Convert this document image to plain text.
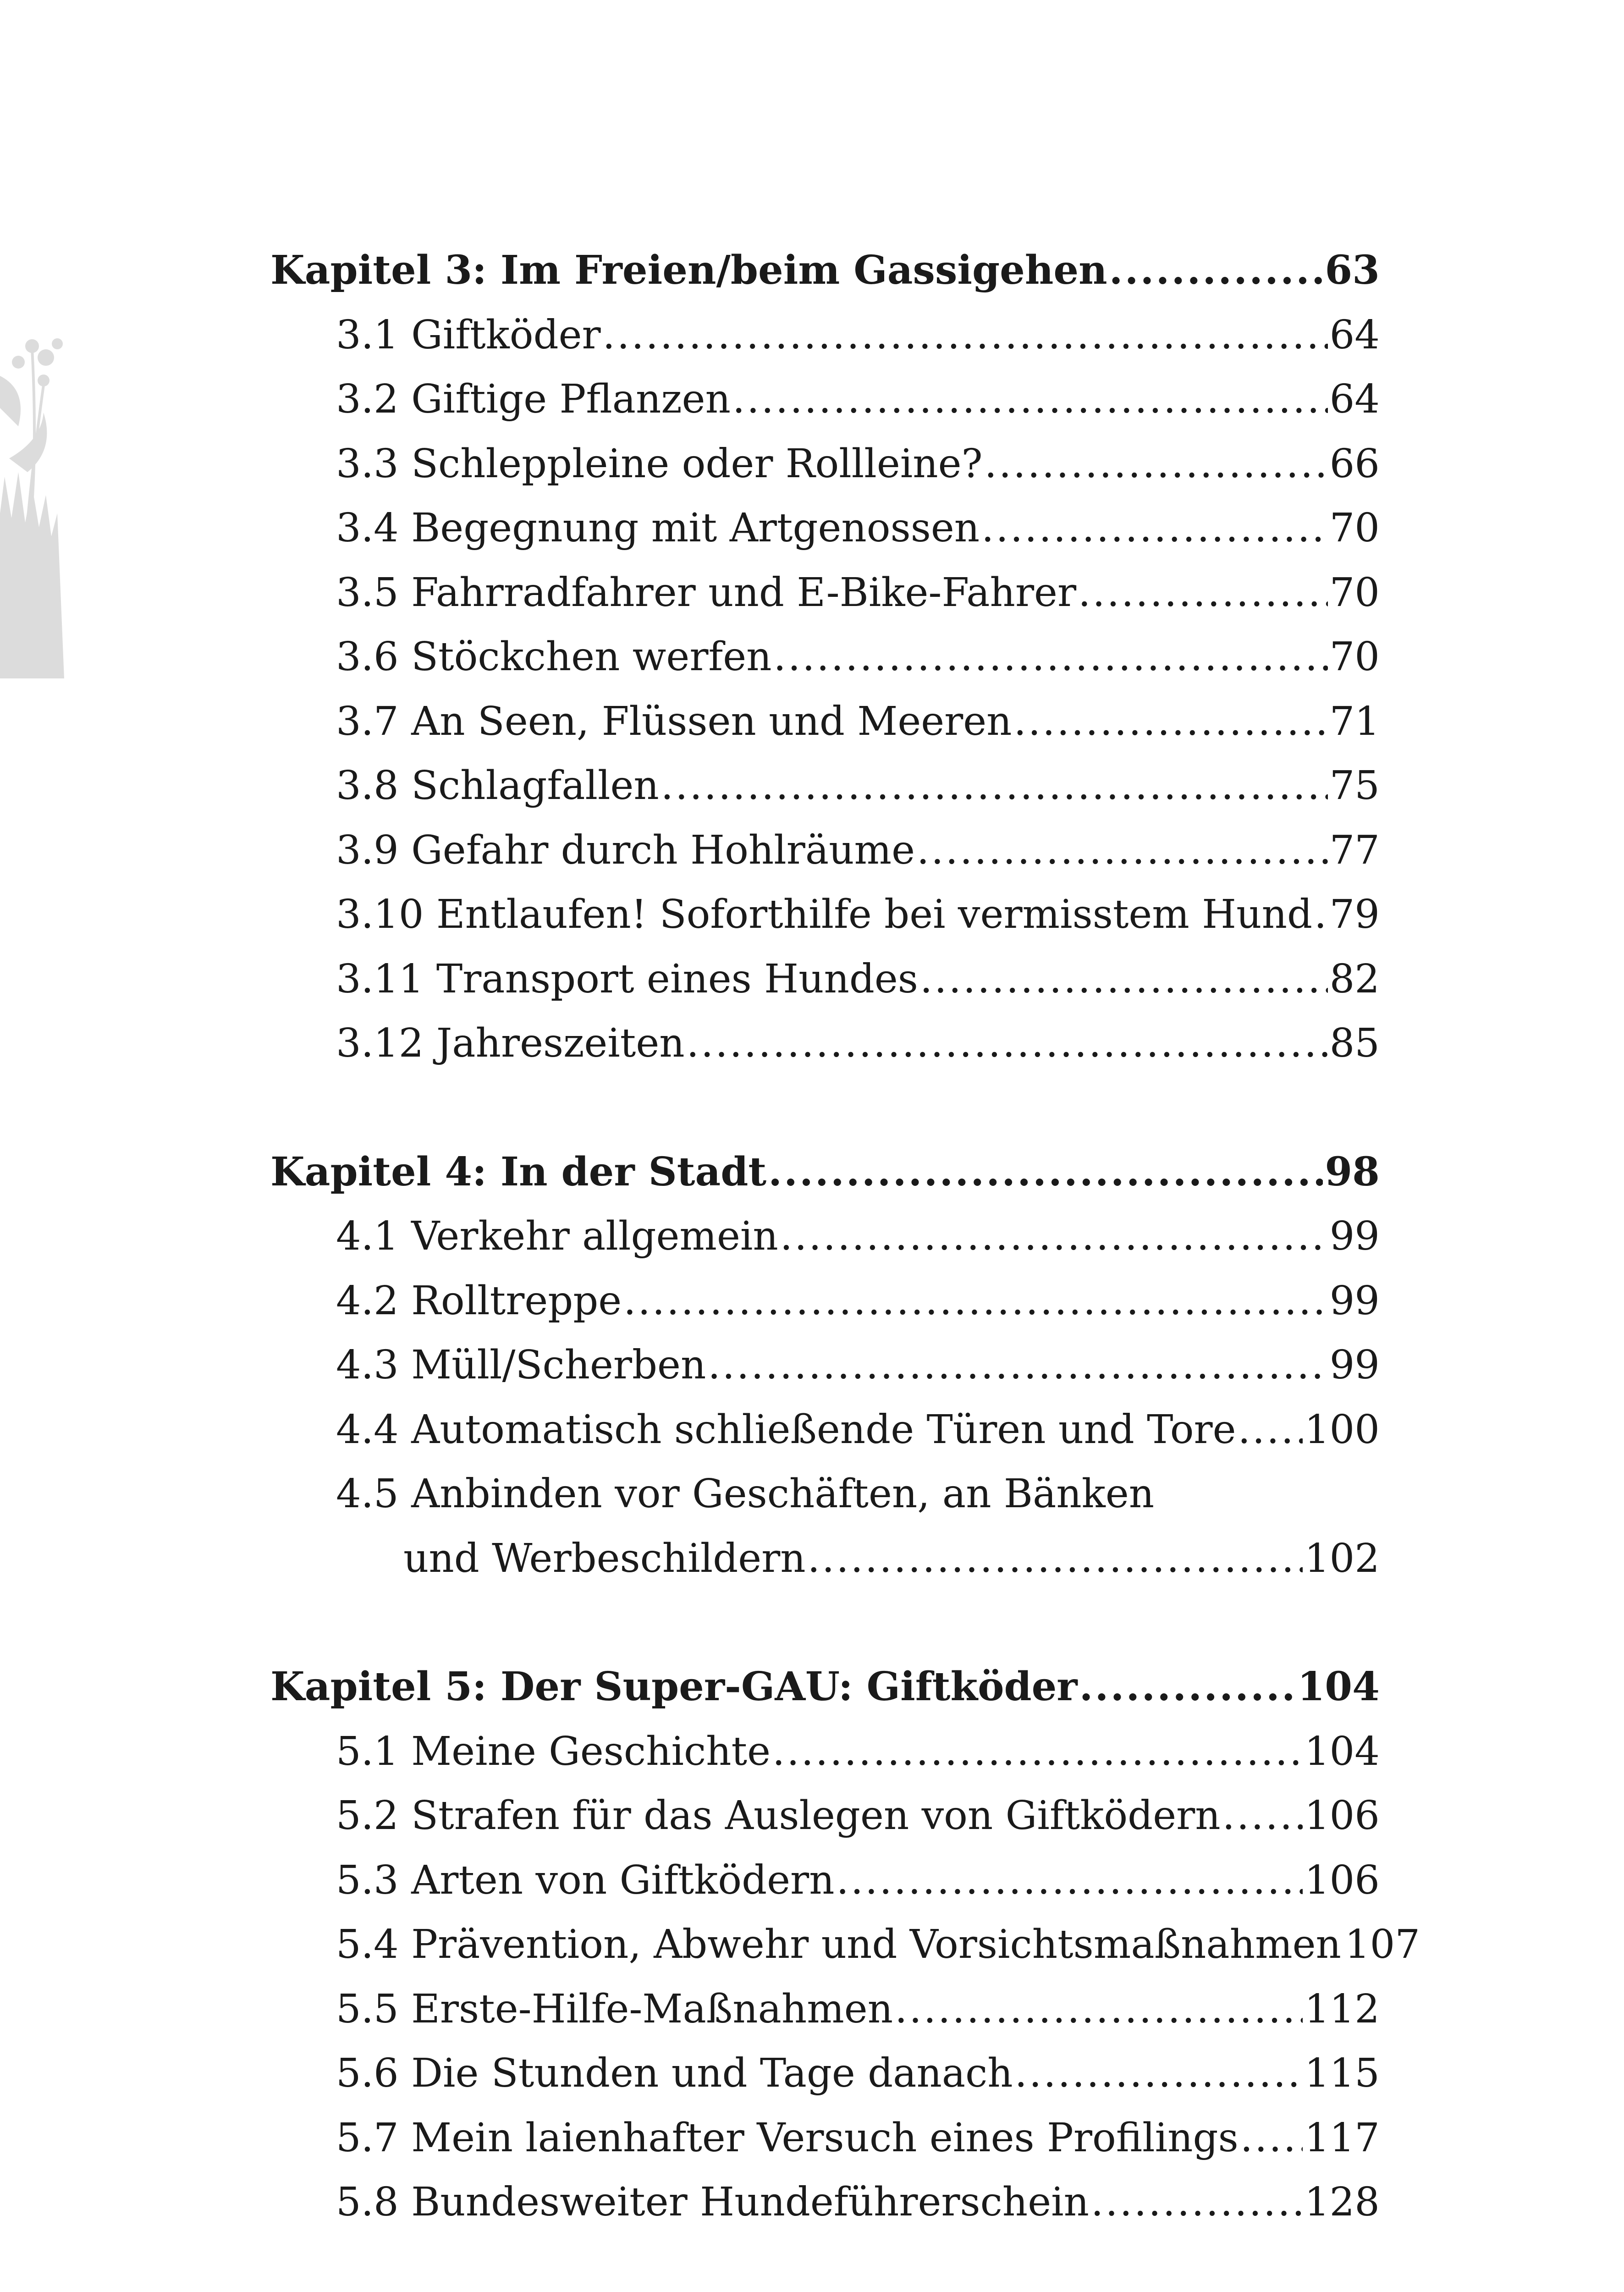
Kapitel 3: Im Freien/beim Gassigehen .....	63
3.1 Giftköder .....	64
3.2 Giftige Pflanzen .....	64
3.3 Schleppleine oder Rollleine? .....	66
3.4 Begegnung mit Artgenossen .....	70
3.5 Fahrradfahrer und E-Bike-Fahrer .....	70
3.6 Stöckchen werfen .....	70
3.7 An Seen, Flüssen und Meeren .....	71
3.8 Schlagfallen .....	75
3.9 Gefahr durch Hohlräume .....	77
3.10 Entlaufen! Soforthilfe bei vermisstem Hund ..... 79
3.11 Transport eines Hundes .....	82
3.12 Jahreszeiten .....	85
Kapitel 4: In der Stadt .....	98
4.1 Verkehr allgemein .....	99
4.2 Rolltreppe .....	99
4.3 Müll/Scherben .....	99
4.4 Automatisch schließende Türen und Tore ..... 100
4.5 Anbinden vor Geschäften, an Bänken
und Werbeschildern .....	102
Kapitel 5: Der Super-GAU: Giftköder .....	104
5.1 Meine Geschichte .....	104
5.2 Strafen für das Auslegen von Giftködern ..... 106
5.3 Arten von Giftködern .....	106
5.4 Prävention, Abwehr und Vorsichtsmaßnahmen 107
5.5 Erste-Hilfe-Maßnahmen .....	112
5.6 Die Stunden und Tage danach .....	115
5.7 Mein laienhafter Versuch eines Profilings ..... 117
5.8 Bundesweiter Hundeführerschein .....	128
